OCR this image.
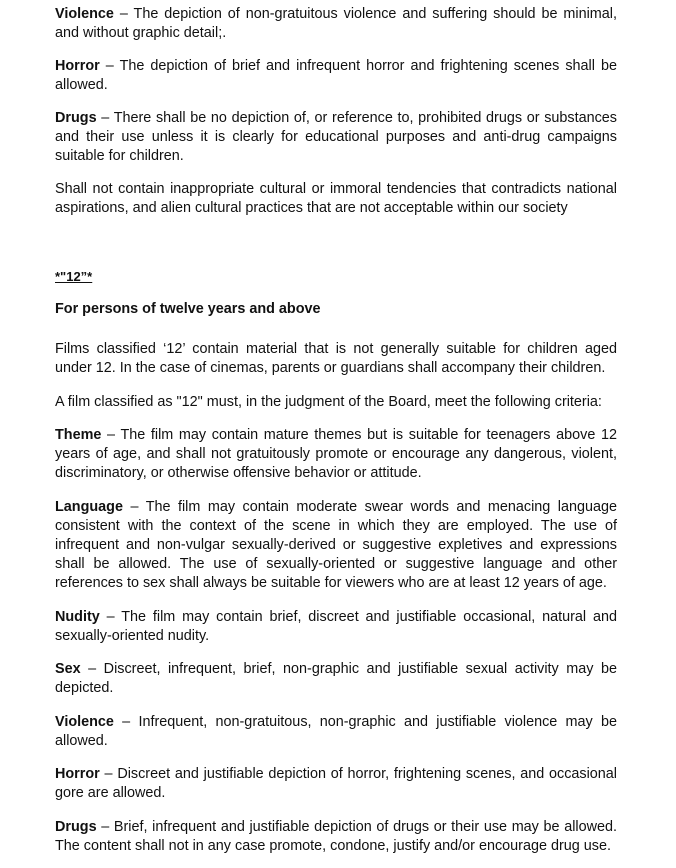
Violence – The depiction of non-gratuitous violence and suffering should be minimal, and without graphic detail;.

Horror – The depiction of brief and infrequent horror and frightening scenes shall be allowed.

Drugs – There shall be no depiction of, or reference to, prohibited drugs or substances and their use unless it is clearly for educational purposes and anti-drug campaigns suitable for children.

Shall not contain inappropriate cultural or immoral tendencies that contradicts national aspirations, and alien cultural practices that are not acceptable within our society

*"12”*

For persons of twelve years and above

Films classified ‘12’ contain material that is not generally suitable for children aged under 12. In the case of cinemas, parents or guardians shall accompany their children.

A film classified as "12" must, in the judgment of the Board, meet the following criteria:

Theme – The film may contain mature themes but is suitable for teenagers above 12 years of age, and shall not gratuitously promote or encourage any dangerous, violent, discriminatory, or otherwise offensive behavior or attitude.

Language – The film may contain moderate swear words and menacing language consistent with the context of the scene in which they are employed. The use of infrequent and non-vulgar sexually-derived or suggestive expletives and expressions shall be allowed. The use of sexually-oriented or suggestive language and other references to sex shall always be suitable for viewers who are at least 12 years of age.

Nudity – The film may contain brief, discreet and justifiable occasional, natural and sexually-oriented nudity.

Sex – Discreet, infrequent, brief, non-graphic and justifiable sexual activity may be depicted.

Violence – Infrequent, non-gratuitous, non-graphic and justifiable violence may be allowed.

Horror – Discreet and justifiable depiction of horror, frightening scenes, and occasional gore are allowed.

Drugs – Brief, infrequent and justifiable depiction of drugs or their use may be allowed. The content shall not in any case promote, condone, justify and/or encourage drug use.
